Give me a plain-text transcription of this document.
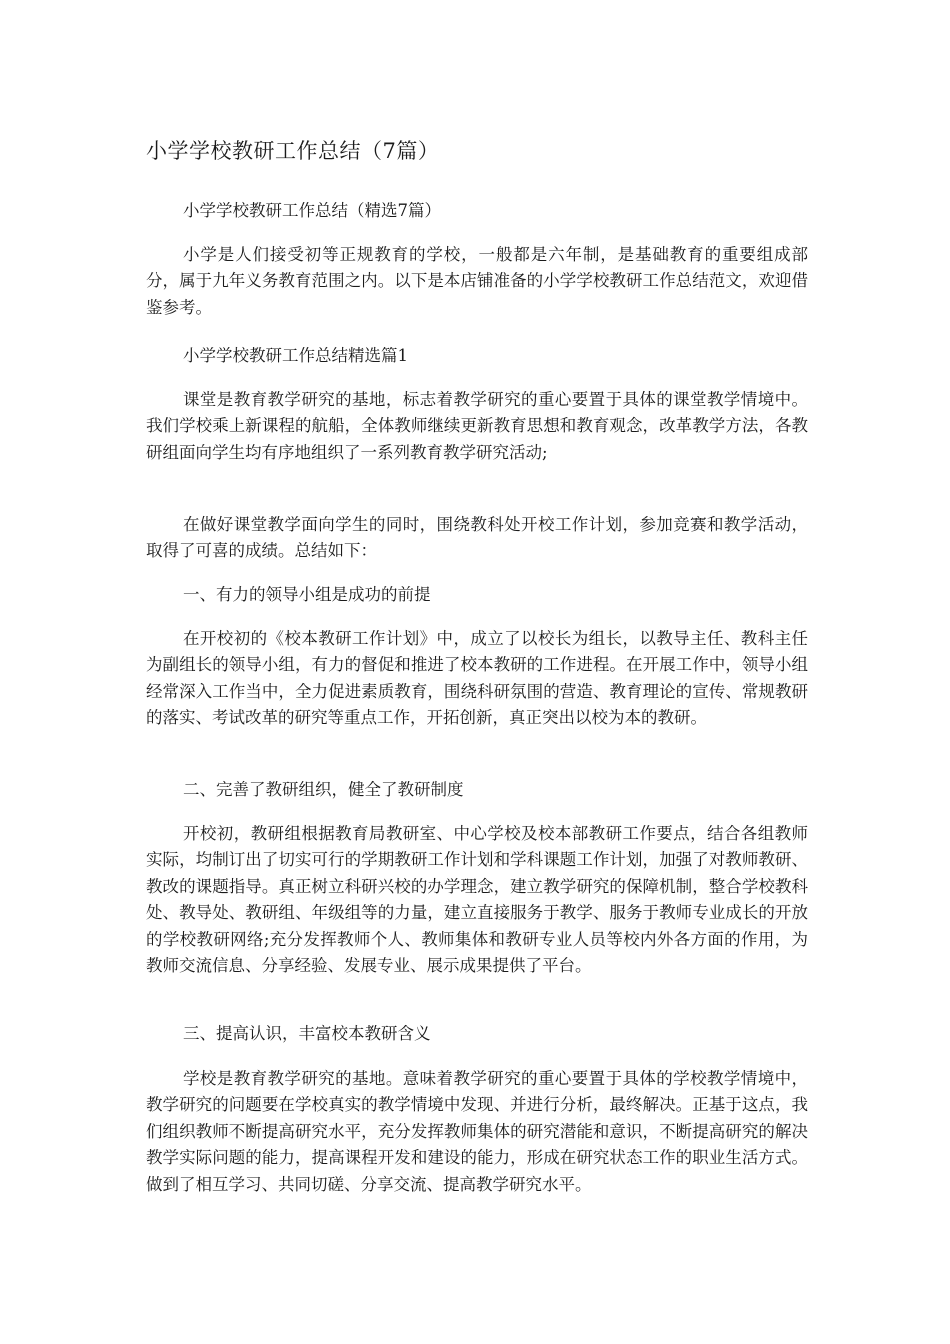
小学学校教研工作总结（7篇）
小学学校教研工作总结（精选7篇）

小学是人们接受初等正规教育的学校，一般都是六年制，是基础教育的重要组成部分，属于九年义务教育范围之内。以下是本店铺准备的小学学校教研工作总结范文，欢迎借鉴参考。

小学学校教研工作总结精选篇1

课堂是教育教学研究的基地，标志着教学研究的重心要置于具体的课堂教学情境中。我们学校乘上新课程的航船，全体教师继续更新教育思想和教育观念，改革教学方法，各教研组面向学生均有序地组织了一系列教育教学研究活动;

在做好课堂教学面向学生的同时，围绕教科处开校工作计划，参加竞赛和教学活动，取得了可喜的成绩。总结如下：
一、有力的领导小组是成功的前提

在开校初的《校本教研工作计划》中，成立了以校长为组长，以教导主任、教科主任为副组长的领导小组，有力的督促和推进了校本教研的工作进程。在开展工作中，领导小组经常深入工作当中，全力促进素质教育，围绕科研氛围的营造、教育理论的宣传、常规教研的落实、考试改革的研究等重点工作，开拓创新，真正突出以校为本的教研。

二、完善了教研组织，健全了教研制度

开校初，教研组根据教育局教研室、中心学校及校本部教研工作要点，结合各组教师实际，均制订出了切实可行的学期教研工作计划和学科课题工作计划，加强了对教师教研、教改的课题指导。真正树立科研兴校的办学理念，建立教学研究的保障机制，整合学校教科处、教导处、教研组、年级组等的力量，建立直接服务于教学、服务于教师专业成长的开放的学校教研网络;充分发挥教师个人、教师集体和教研专业人员等校内外各方面的作用，为教师交流信息、分享经验、发展专业、展示成果提供了平台。

三、提高认识，丰富校本教研含义

学校是教育教学研究的基地。意味着教学研究的重心要置于具体的学校教学情境中，教学研究的问题要在学校真实的教学情境中发现、并进行分析，最终解决。正基于这点，我们组织教师不断提高研究水平，充分发挥教师集体的研究潜能和意识，不断提高研究的解决教学实际问题的能力，提高课程开发和建设的能力，形成在研究状态工作的职业生活方式。做到了相互学习、共同切磋、分享交流、提高教学研究水平。
